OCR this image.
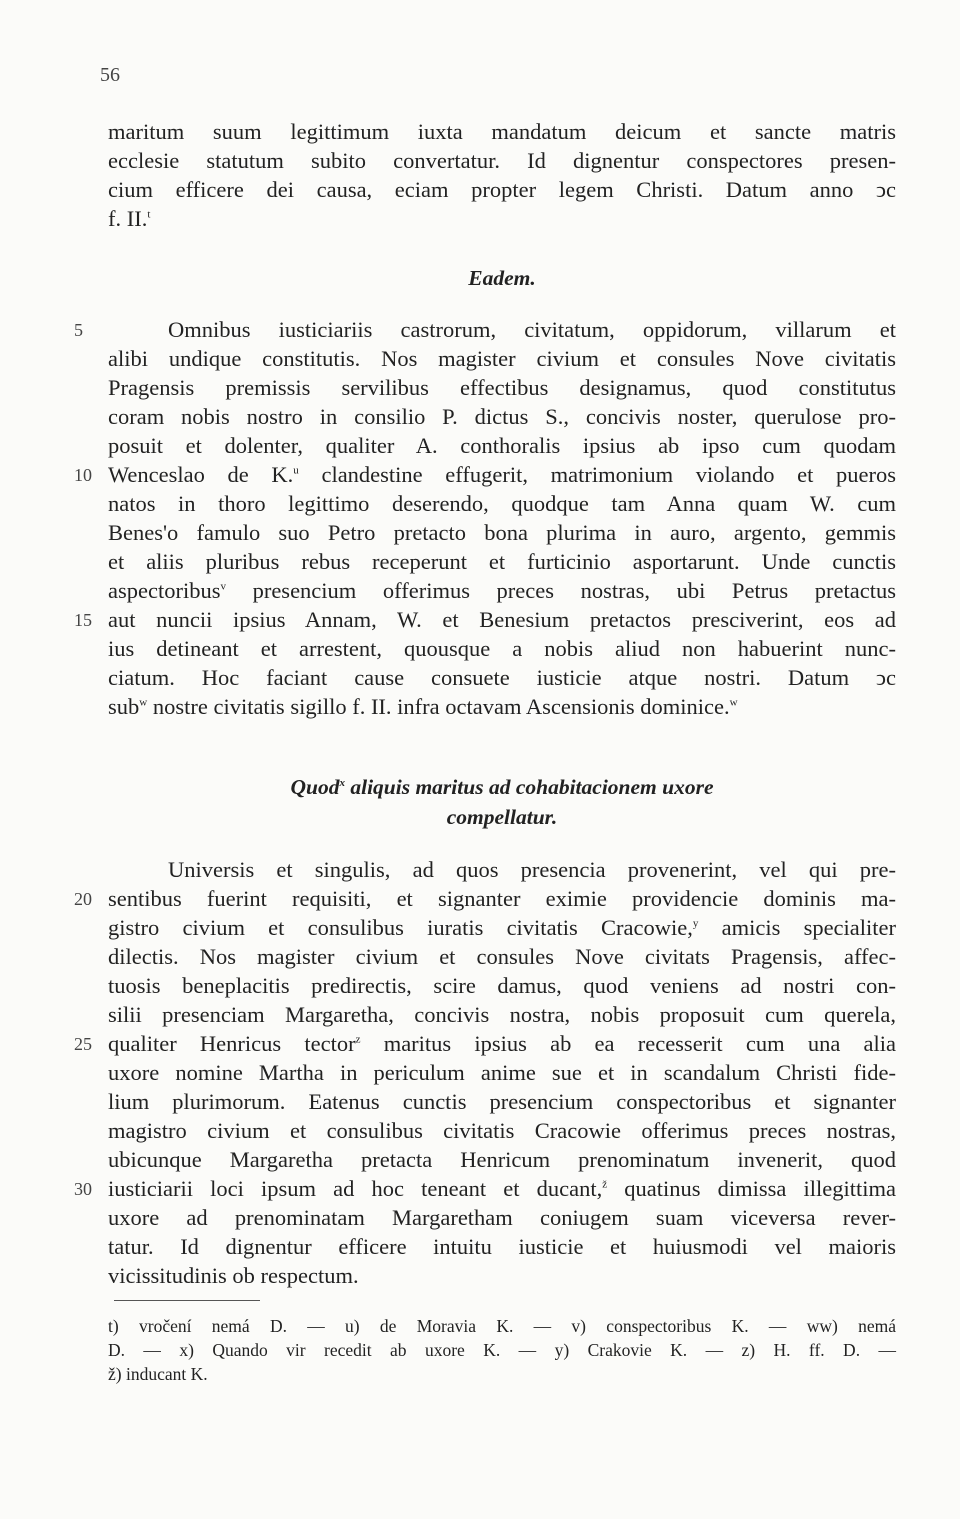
56
maritum suum legittimum iuxta mandatum deicum et sancte matris
ecclesie statutum subito convertatur. Id dignentur conspectores presen-
cium efficere dei causa, eciam propter legem Christi. Datum anno ↄc
f. II.$^t$
Eadem.
5
10
15
Omnibus iusticiariis castrorum, civitatum, oppidorum, villarum et
alibi undique constitutis. Nos magister civium et consules Nove civitatis
Pragensis premissis servilibus effectibus designamus, quod constitutus
coram nobis nostro in consilio P. dictus S., concivis noster, querulose pro-
posuit et dolenter, qualiter A. conthoralis ipsius ab ipso cum quodam
Wenceslao de K.$^u$ clandestine effugerit, matrimonium violando et pueros
natos in thoro legittimo deserendo, quodque tam Anna quam W. cum
Benes'o famulo suo Petro pretacto bona plurima in auro, argento, gemmis
et aliis pluribus rebus receperunt et furticinio asportarunt. Unde cunctis
aspectoribus$^v$ presencium offerimus preces nostras, ubi Petrus pretactus
aut nuncii ipsius Annam, W. et Benesium pretactos presciverint, eos ad
ius detineant et arrestent, quousque a nobis aliud non habuerint nunc-
ciatum. Hoc faciant cause consuete iusticie atque nostri. Datum ↄc
sub$^w$ nostre civitatis sigillo f. II. infra octavam Ascensionis dominice.$^w$
Quod$^x$ aliquis maritus ad cohabitacionem uxore
compellatur.
20
25
30
Universis et singulis, ad quos presencia provenerint, vel qui pre-
sentibus fuerint requisiti, et signanter eximie providencie dominis ma-
gistro civium et consulibus iuratis civitatis Cracowie,$^y$ amicis specialiter
dilectis. Nos magister civium et consules Nove civitats Pragensis, affec-
tuosis beneplacitis predirectis, scire damus, quod veniens ad nostri con-
silii presenciam Margaretha, concivis nostra, nobis proposuit cum querela,
qualiter Henricus tector$^z$ maritus ipsius ab ea recesserit cum una alia
uxore nomine Martha in periculum anime sue et in scandalum Christi fide-
lium plurimorum. Eatenus cunctis presencium conspectoribus et signanter
magistro civium et consulibus civitatis Cracowie offerimus preces nostras,
ubicunque Margaretha pretacta Henricum prenominatum invenerit, quod
iusticiarii loci ipsum ad hoc teneant et ducant,$^ž$ quatinus dimissa illegittima
uxore ad prenominatam Margaretham coniugem suam viceversa rever-
tatur. Id dignentur efficere intuitu iusticie et huiusmodi vel maioris
vicissitudinis ob respectum.
t) vročení nemá D. — u) de Moravia K. — v) conspectoribus K. — ww) nemá
D. — x) Quando vir recedit ab uxore K. — y) Crakovie K. — z) H. ff. D. —
ž) inducant K.
